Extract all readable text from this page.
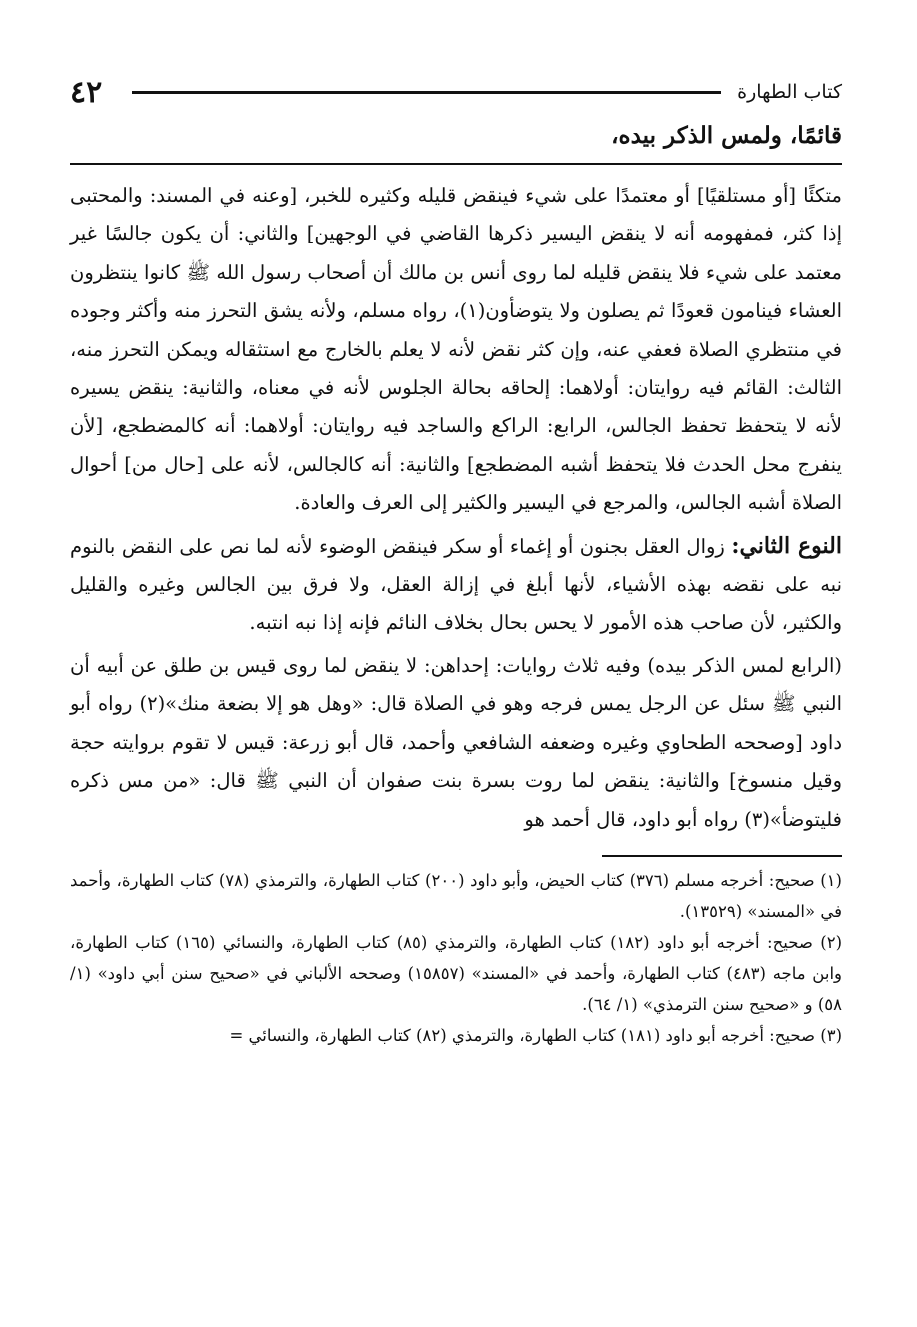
٤٢	كتاب الطهارة
قائمًا، ولمس الذكر بيده،

متكئًا [أو مستلقيًا] أو معتمدًا على شيء فينقض قليله وكثيره للخبر، [وعنه في المسند: والمحتبى إذا كثر، فمفهومه أنه لا ينقض اليسير ذكرها القاضي في الوجهين] والثاني: أن يكون جالسًا غير معتمد على شيء فلا ينقض قليله لما روى أنس بن مالك أن أصحاب رسول الله ﷺ كانوا ينتظرون العشاء فينامون قعودًا ثم يصلون ولا يتوضأون(١)، رواه مسلم، ولأنه يشق التحرز منه وأكثر وجوده في منتظري الصلاة فعفي عنه، وإن كثر نقض لأنه لا يعلم بالخارج مع استثقاله ويمكن التحرز منه، الثالث: القائم فيه روايتان: أولاهما: إلحاقه بحالة الجلوس لأنه في معناه، والثانية: ينقض يسيره لأنه لا يتحفظ تحفظ الجالس، الرابع: الراكع والساجد فيه روايتان: أولاهما: أنه كالمضطجع، [لأن ينفرج محل الحدث فلا يتحفظ أشبه المضطجع] والثانية: أنه كالجالس، لأنه على [حال من] أحوال الصلاة أشبه الجالس، والمرجع في اليسير والكثير إلى العرف والعادة.

النوع الثاني: زوال العقل بجنون أو إغماء أو سكر فينقض الوضوء لأنه لما نص على النقض بالنوم نبه على نقضه بهذه الأشياء، لأنها أبلغ في إزالة العقل، ولا فرق بين الجالس وغيره والقليل والكثير، لأن صاحب هذه الأمور لا يحس بحال بخلاف النائم فإنه إذا نبه انتبه.

(الرابع لمس الذكر بيده) وفيه ثلاث روايات: إحداهن: لا ينقض لما روى قيس بن طلق عن أبيه أن النبي ﷺ سئل عن الرجل يمس فرجه وهو في الصلاة قال: «وهل هو إلا بضعة منك»(٢) رواه أبو داود [وصححه الطحاوي وغيره وضعفه الشافعي وأحمد، قال أبو زرعة: قيس لا تقوم بروايته حجة وقيل منسوخ] والثانية: ينقض لما روت بسرة بنت صفوان أن النبي ﷺ قال: «من مس ذكره فليتوضأ»(٣) رواه أبو داود، قال أحمد هو

(١) صحيح: أخرجه مسلم (٣٧٦) كتاب الحيض، وأبو داود (٢٠٠) كتاب الطهارة، والترمذي (٧٨) كتاب الطهارة، وأحمد في «المسند» (١٣٥٢٩).

(٢) صحيح: أخرجه أبو داود (١٨٢) كتاب الطهارة، والترمذي (٨٥) كتاب الطهارة، والنسائي (١٦٥) كتاب الطهارة، وابن ماجه (٤٨٣) كتاب الطهارة، وأحمد في «المسند» (١٥٨٥٧) وصححه الألباني في «صحيح سنن أبي داود» (١/ ٥٨) و «صحيح سنن الترمذي» (١/ ٦٤).

(٣) صحيح: أخرجه أبو داود (١٨١) كتاب الطهارة، والترمذي (٨٢) كتاب الطهارة، والنسائي =
